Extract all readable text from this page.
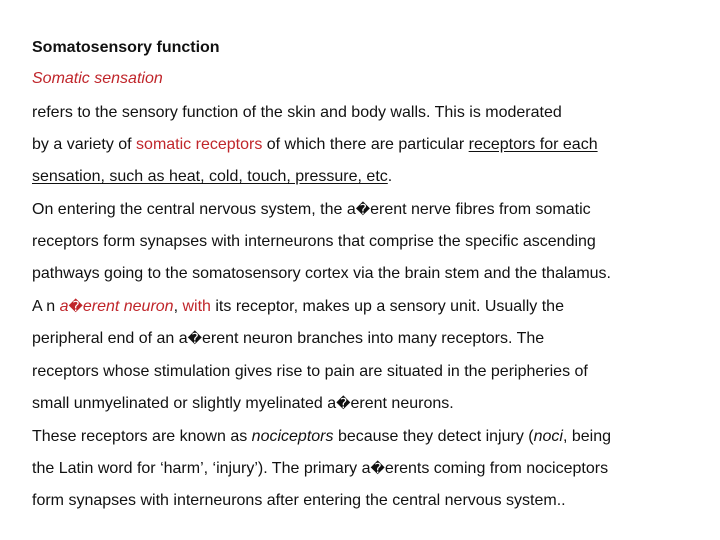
Somatosensory function
Somatic sensation
refers to the sensory function of the skin and body walls. This is moderated
by a variety of somatic receptors of which there are particular receptors for each
sensation, such as heat, cold, touch, pressure, etc.
On entering the central nervous system, the a�erent nerve fibres from somatic
receptors form synapses with interneurons that comprise the specific ascending
pathways going to the somatosensory cortex via the brain stem and the thalamus.
A n a�erent neuron, with its receptor, makes up a sensory unit. Usually the
peripheral end of an a�erent neuron branches into many receptors. The
receptors whose stimulation gives rise to pain are situated in the peripheries of
small unmyelinated or slightly myelinated a�erent neurons.
These receptors are known as nociceptors because they detect injury (noci, being
the Latin word for ‘harm’, ‘injury’). The primary a�erents coming from nociceptors
form synapses with interneurons after entering the central nervous system..
